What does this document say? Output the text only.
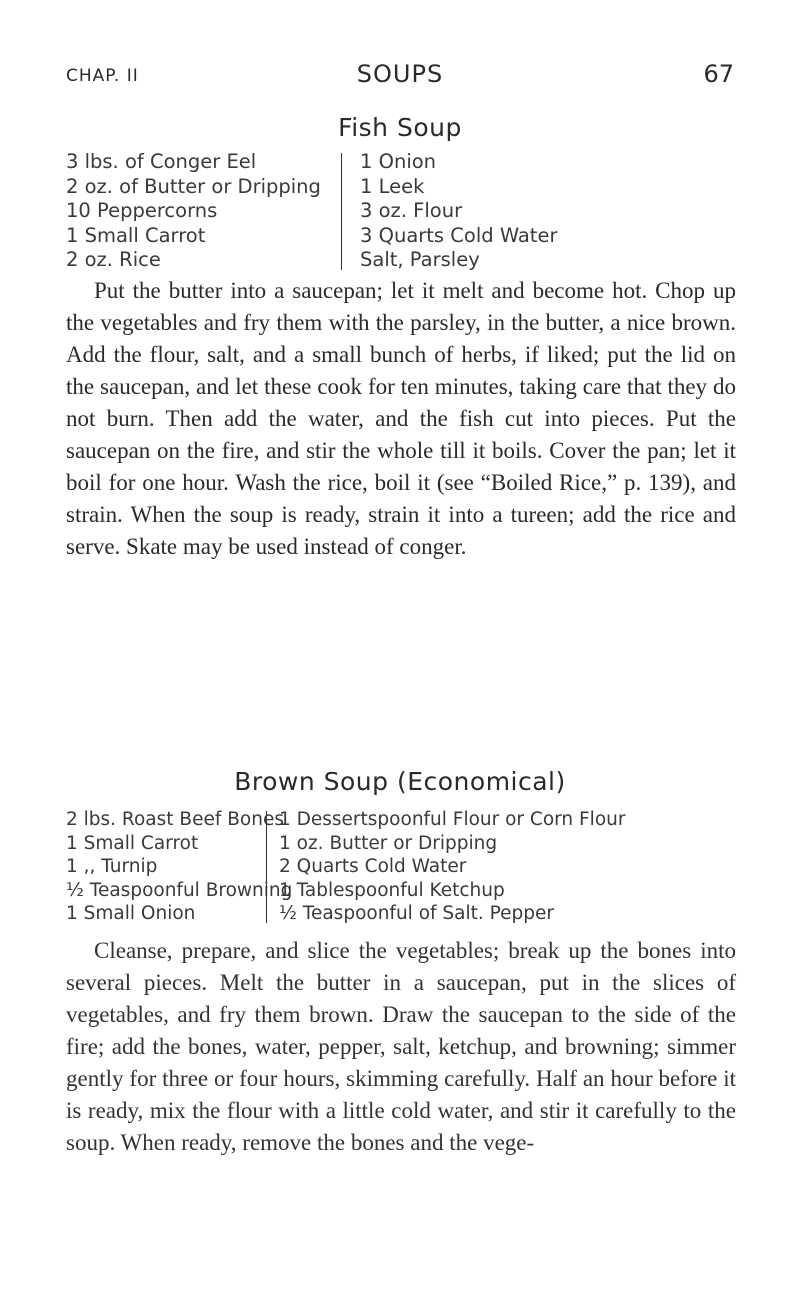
CHAP. II	SOUPS	67
Fish Soup
3 lbs. of Conger Eel
2 oz. of Butter or Dripping
10 Peppercorns
1 Small Carrot
2 oz. Rice
1 Onion
1 Leek
3 oz. Flour
3 Quarts Cold Water
Salt, Parsley

Put the butter into a saucepan; let it melt and become hot. Chop up the vegetables and fry them with the parsley, in the butter, a nice brown. Add the flour, salt, and a small bunch of herbs, if liked; put the lid on the saucepan, and let these cook for ten minutes, taking care that they do not burn. Then add the water, and the fish cut into pieces. Put the saucepan on the fire, and stir the whole till it boils. Cover the pan; let it boil for one hour. Wash the rice, boil it (see “Boiled Rice,” p. 139), and strain. When the soup is ready, strain it into a tureen; add the rice and serve. Skate may be used instead of conger.

Brown Soup (Economical)
2 lbs. Roast Beef Bones
1 Small Carrot
1 ,, Turnip
½ Teaspoonful Browning
1 Small Onion
1 Dessertspoonful Flour or Corn Flour
1 oz. Butter or Dripping
2 Quarts Cold Water
1 Tablespoonful Ketchup
½ Teaspoonful of Salt. Pepper

Cleanse, prepare, and slice the vegetables; break up the bones into several pieces. Melt the butter in a saucepan, put in the slices of vegetables, and fry them brown. Draw the saucepan to the side of the fire; add the bones, water, pepper, salt, ketchup, and browning; simmer gently for three or four hours, skimming carefully. Half an hour before it is ready, mix the flour with a little cold water, and stir it carefully to the soup. When ready, remove the bones and the vege-
